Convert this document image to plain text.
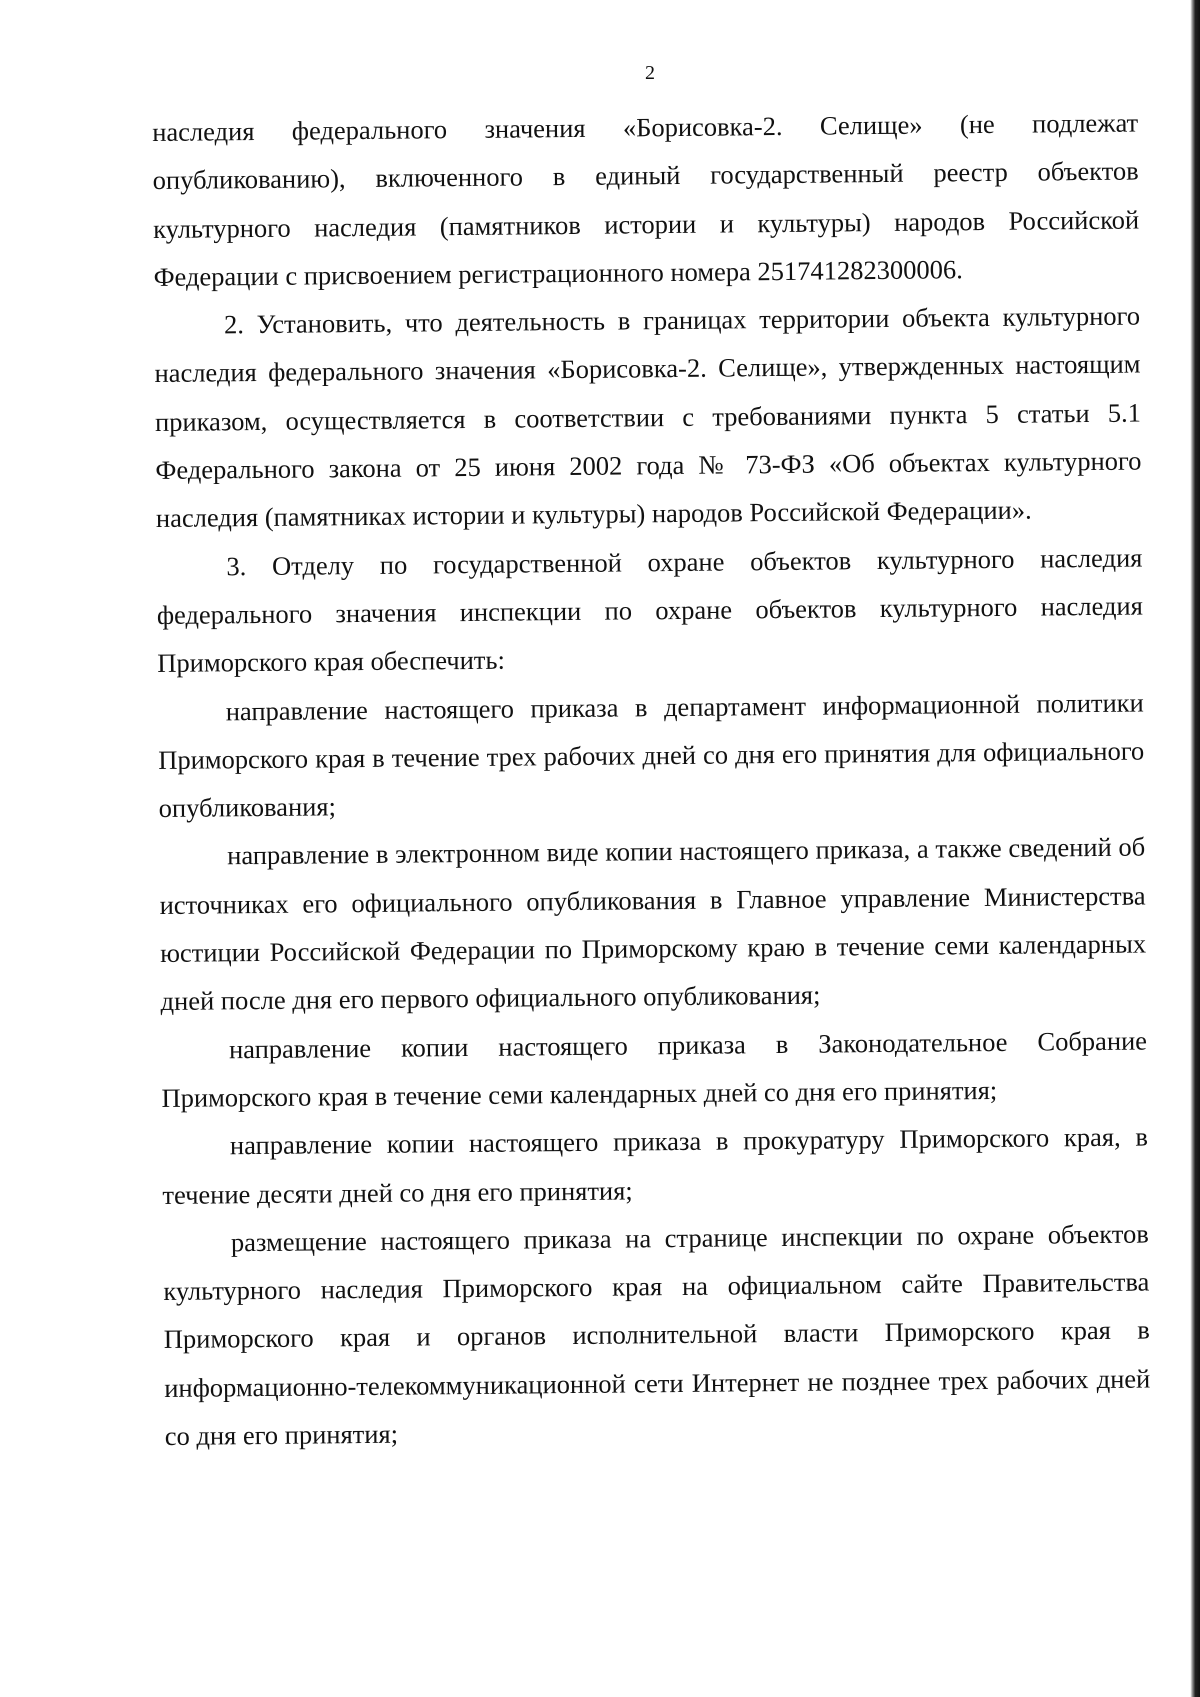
2

наследия федерального значения «Борисовка-2. Селище» (не подлежат опубликованию), включенного в единый государственный реестр объектов культурного наследия (памятников истории и культуры) народов Российской Федерации с присвоением регистрационного номера 251741282300006.

2. Установить, что деятельность в границах территории объекта культурного наследия федерального значения «Борисовка-2. Селище», утвержденных настоящим приказом, осуществляется в соответствии с требованиями пункта 5 статьи 5.1 Федерального закона от 25 июня 2002 года № 73-ФЗ «Об объектах культурного наследия (памятниках истории и культуры) народов Российской Федерации».

3. Отделу по государственной охране объектов культурного наследия федерального значения инспекции по охране объектов культурного наследия Приморского края обеспечить:

направление настоящего приказа в департамент информационной политики Приморского края в течение трех рабочих дней со дня его принятия для официального опубликования;

направление в электронном виде копии настоящего приказа, а также сведений об источниках его официального опубликования в Главное управление Министерства юстиции Российской Федерации по Приморскому краю в течение семи календарных дней после дня его первого официального опубликования;

направление копии настоящего приказа в Законодательное Собрание Приморского края в течение семи календарных дней со дня его принятия;

направление копии настоящего приказа в прокуратуру Приморского края, в течение десяти дней со дня его принятия;

размещение настоящего приказа на странице инспекции по охране объектов культурного наследия Приморского края на официальном сайте Правительства Приморского края и органов исполнительной власти Приморского края в информационно-телекоммуникационной сети Интернет не позднее трех рабочих дней со дня его принятия;
